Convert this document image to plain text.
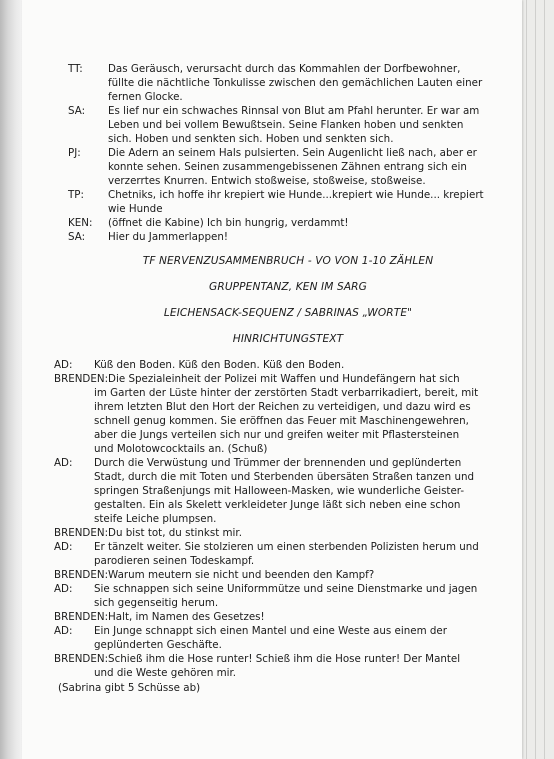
TT:	Das Geräusch, verursacht durch das Kommahlen der Dorfbewohner,
füllte die nächtliche Tonkulisse zwischen den gemächlichen Lauten einer
fernen Glocke.
SA:	Es lief nur ein schwaches Rinnsal von Blut am Pfahl herunter. Er war am
Leben und bei vollem Bewußtsein. Seine Flanken hoben und senkten
sich. Hoben und senkten sich. Hoben und senkten sich.
PJ:	Die Adern an seinem Hals pulsierten. Sein Augenlicht ließ nach, aber er
konnte sehen. Seinen zusammengebissenen Zähnen entrang sich ein
verzerrtes Knurren. Entwich stoßweise, stoßweise, stoßweise.
TP:	Chetniks, ich hoffe ihr krepiert wie Hunde...krepiert wie Hunde... krepiert
wie Hunde
KEN:	(öffnet die Kabine) Ich bin hungrig, verdammt!
SA:	Hier du Jammerlappen!
TF NERVENZUSAMMENBRUCH - VO VON 1-10 ZÄHLEN
GRUPPENTANZ, KEN IM SARG
LEICHENSACK-SEQUENZ / SABRINAS „WORTE"
HINRICHTUNGSTEXT
AD: Küß den Boden. Küß den Boden. Küß den Boden.
BRENDEN:Die Spezialeinheit der Polizei mit Waffen und Hundefängern hat sich
im Garten der Lüste hinter der zerstörten Stadt verbarrikadiert, bereit, mit
ihrem letzten Blut den Hort der Reichen zu verteidigen, und dazu wird es
schnell genug kommen. Sie eröffnen das Feuer mit Maschinengewehren,
aber die Jungs verteilen sich nur und greifen weiter mit Pflastersteinen
und Molotowcocktails an. (Schuß)
AD: Durch die Verwüstung und Trümmer der brennenden und geplünderten
Stadt, durch die mit Toten und Sterbenden übersäten Straßen tanzen und
springen Straßenjungs mit Halloween-Masken, wie wunderliche Geister-
gestalten. Ein als Skelett verkleideter Junge läßt sich neben eine schon
steife Leiche plumpsen.
BRENDEN:Du bist tot, du stinkst mir.
AD: Er tänzelt weiter. Sie stolzieren um einen sterbenden Polizisten herum und
parodieren seinen Todeskampf.
BRENDEN:Warum meutern sie nicht und beenden den Kampf?
AD: Sie schnappen sich seine Uniformmütze und seine Dienstmarke und jagen
sich gegenseitig herum.
BRENDEN:Halt, im Namen des Gesetzes!
AD: Ein Junge schnappt sich einen Mantel und eine Weste aus einem der
geplünderten Geschäfte.
BRENDEN:Schieß ihm die Hose runter! Schieß ihm die Hose runter! Der Mantel
und die Weste gehören mir.
(Sabrina gibt 5 Schüsse ab)
